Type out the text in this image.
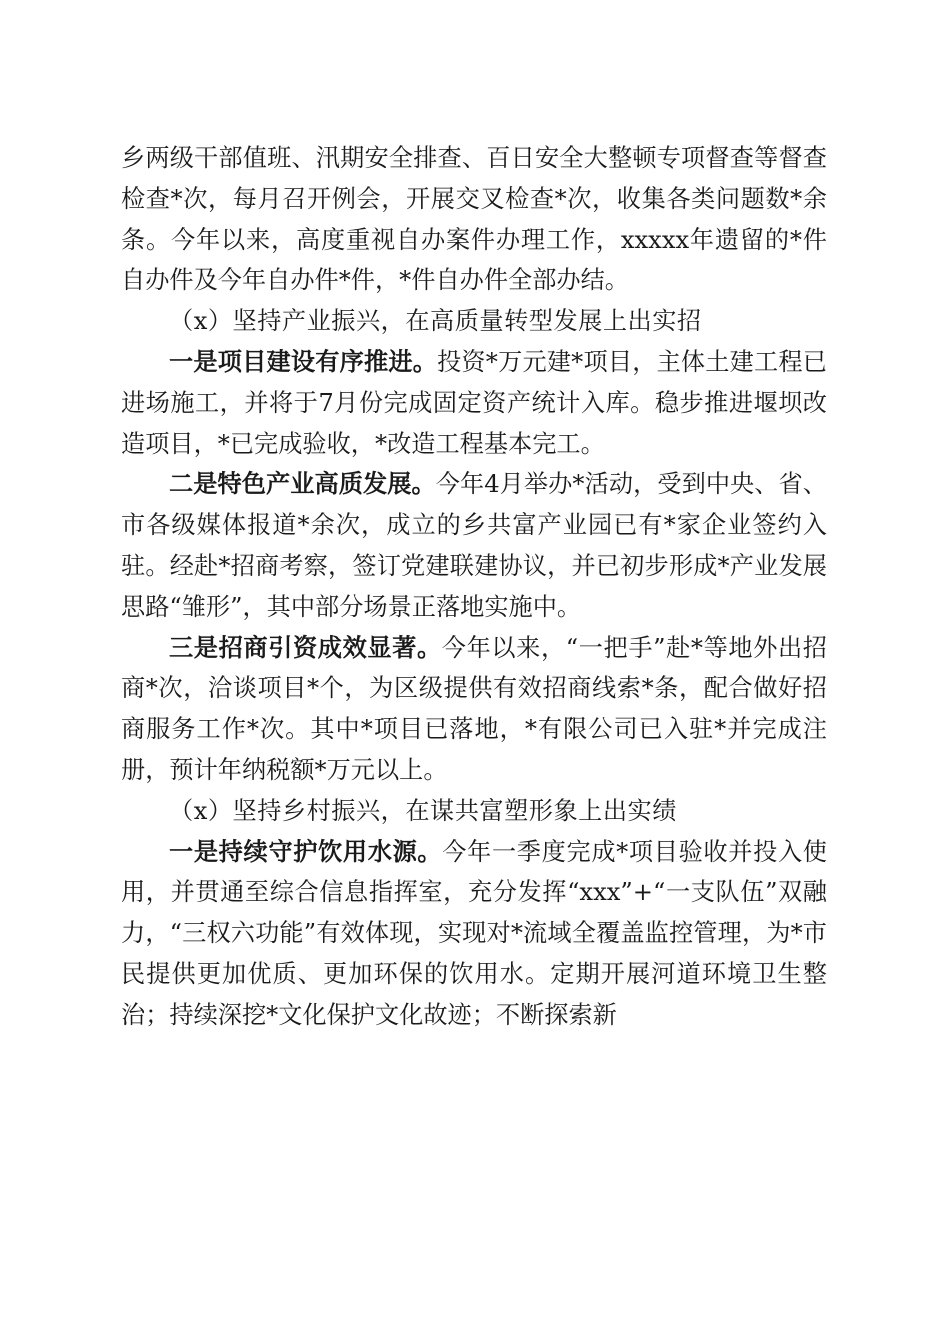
乡两级干部值班、汛期安全排查、百日安全大整顿专项督查等督查检查*次，每月召开例会，开展交叉检查*次，收集各类问题数*余条。今年以来，高度重视自办案件办理工作，xxxxx年遗留的*件自办件及今年自办件*件，*件自办件全部办结。

（x）坚持产业振兴，在高质量转型发展上出实招

一是项目建设有序推进。投资*万元建*项目，主体土建工程已进场施工，并将于7月份完成固定资产统计入库。稳步推进堰坝改造项目，*已完成验收，*改造工程基本完工。

二是特色产业高质发展。今年4月举办*活动，受到中央、省、市各级媒体报道*余次，成立的乡共富产业园已有*家企业签约入驻。经赴*招商考察，签订党建联建协议，并已初步形成*产业发展思路“雏形”，其中部分场景正落地实施中。

三是招商引资成效显著。今年以来，“一把手”赴*等地外出招商*次，洽谈项目*个，为区级提供有效招商线索*条，配合做好招商服务工作*次。其中*项目已落地，*有限公司已入驻*并完成注册，预计年纳税额*万元以上。

（x）坚持乡村振兴，在谋共富塑形象上出实绩

一是持续守护饮用水源。今年一季度完成*项目验收并投入使用，并贯通至综合信息指挥室，充分发挥“xxx”+“一支队伍”双融力，“三权六功能”有效体现，实现对*流域全覆盖监控管理，为*市民提供更加优质、更加环保的饮用水。定期开展河道环境卫生整治；持续深挖*文化保护文化故迹；不断探索新
